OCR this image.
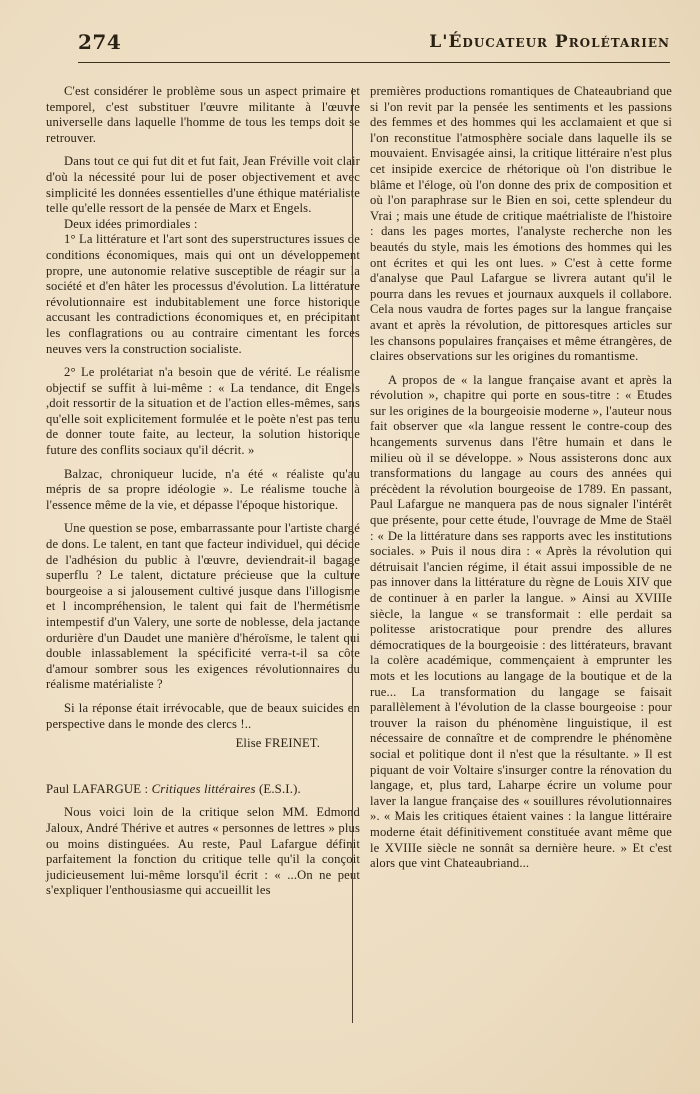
274	L'Éducateur Prolétarien

C'est considérer le problème sous un aspect primaire et temporel, c'est substituer l'œuvre militante à l'œuvre universelle dans laquelle l'homme de tous les temps doit se retrouver.

Dans tout ce qui fut dit et fut fait, Jean Fréville voit clair d'où la nécessité pour lui de poser objectivement et avec simplicité les données essentielles d'une éthique matérialiste telle qu'elle ressort de la pensée de Marx et Engels.

Deux idées primordiales :

1° La littérature et l'art sont des superstructures issues de conditions économiques, mais qui ont un développement propre, une autonomie relative susceptible de réagir sur la société et d'en hâter les processus d'évolution. La littérature révolutionnaire est indubitablement une force historique accusant les contradictions économiques et, en précipitant les conflagrations ou au contraire cimentant les forces neuves vers la construction socialiste.

2° Le prolétariat n'a besoin que de vérité. Le réalisme objectif se suffit à lui-même : « La tendance, dit Engels ,doit ressortir de la situation et de l'action elles-mêmes, sans qu'elle soit explicitement formulée et le poète n'est pas tenu de donner toute faite, au lecteur, la solution historique future des conflits sociaux qu'il décrit. »

Balzac, chroniqueur lucide, n'a été « réaliste qu'au mépris de sa propre idéologie ». Le réalisme touche à l'essence même de la vie, et dépasse l'époque historique.

Une question se pose, embarrassante pour l'artiste chargé de dons. Le talent, en tant que facteur individuel, qui décide de l'adhésion du public à l'œuvre, deviendrait-il bagage superflu ? Le talent, dictature précieuse que la culture bourgeoise a si jalousement cultivé jusque dans l'illogisme et l incompréhension, le talent qui fait de l'hermétisme intempestif d'un Valery, une sorte de noblesse, dela jactance ordurière d'un Daudet une manière d'héroïsme, le talent qui double inlassablement la spécificité verra-t-il sa côte d'amour sombrer sous les exigences révolutionnaires du réalisme matérialiste ?

Si la réponse était irrévocable, que de beaux suicides en perspective dans le monde des clercs !..

Elise FREINET.

Paul LAFARGUE : Critiques littéraires (E.S.I.).

Nous voici loin de la critique selon MM. Edmond Jaloux, André Thérive et autres « personnes de lettres » plus ou moins distinguées. Au reste, Paul Lafargue définit parfaitement la fonction du critique telle qu'il la conçoit judicieusement lui-même lorsqu'il écrit : « ...On ne peut s'expliquer l'enthousiasme qui accueillit les

premières productions romantiques de Chateaubriand que si l'on revit par la pensée les sentiments et les passions des femmes et des hommes qui les acclamaient et que si l'on reconstitue l'atmosphère sociale dans laquelle ils se mouvaient. Envisagée ainsi, la critique littéraire n'est plus cet insipide exercice de rhétorique où l'on distribue le blâme et l'éloge, où l'on donne des prix de composition et où l'on paraphrase sur le Bien en soi, cette splendeur du Vrai ; mais une étude de critique maétrialiste de l'histoire : dans les pages mortes, l'analyste recherche non les beautés du style, mais les émotions des hommes qui les ont écrites et qui les ont lues. » C'est à cette forme d'analyse que Paul Lafargue se livrera autant qu'il le pourra dans les revues et journaux auxquels il collabore. Cela nous vaudra de fortes pages sur la langue française avant et après la révolution, de pittoresques articles sur les chansons populaires françaises et même étrangères, de claires observations sur les origines du romantisme.

A propos de « la langue française avant et après la révolution », chapitre qui porte en sous-titre : « Etudes sur les origines de la bourgeoisie moderne », l'auteur nous fait observer que «la langue ressent le contre-coup des hcangements survenus dans l'être humain et dans le milieu où il se développe. » Nous assisterons donc aux transformations du langage au cours des années qui précèdent la révolution bourgeoise de 1789. En passant, Paul Lafargue ne manquera pas de nous signaler l'intérêt que présente, pour cette étude, l'ouvrage de Mme de Staël : « De la littérature dans ses rapports avec les institutions sociales. » Puis il nous dira : « Après la révolution qui détruisait l'ancien régime, il était assui impossible de ne pas innover dans la littérature du règne de Louis XIV que de continuer à en parler la langue. » Ainsi au XVIIIe siècle, la langue « se transformait : elle perdait sa politesse aristocratique pour prendre des allures démocratiques de la bourgeoisie : des littérateurs, bravant la colère académique, commençaient à emprunter les mots et les locutions au langage de la boutique et de la rue... La transformation du langage se faisait parallèlement à l'évolution de la classe bourgeoise : pour trouver la raison du phénomène linguistique, il est nécessaire de connaître et de comprendre le phénomène social et politique dont il n'est que la résultante. » Il est piquant de voir Voltaire s'insurger contre la rénovation du langage, et, plus tard, Laharpe écrire un volume pour laver la langue française des « souillures révolutionnaires ». « Mais les critiques étaient vaines : la langue littéraire moderne était définitivement constituée avant même que le XVIIIe siècle ne sonnât sa dernière heure. » Et c'est alors que vint Chateaubriand...
